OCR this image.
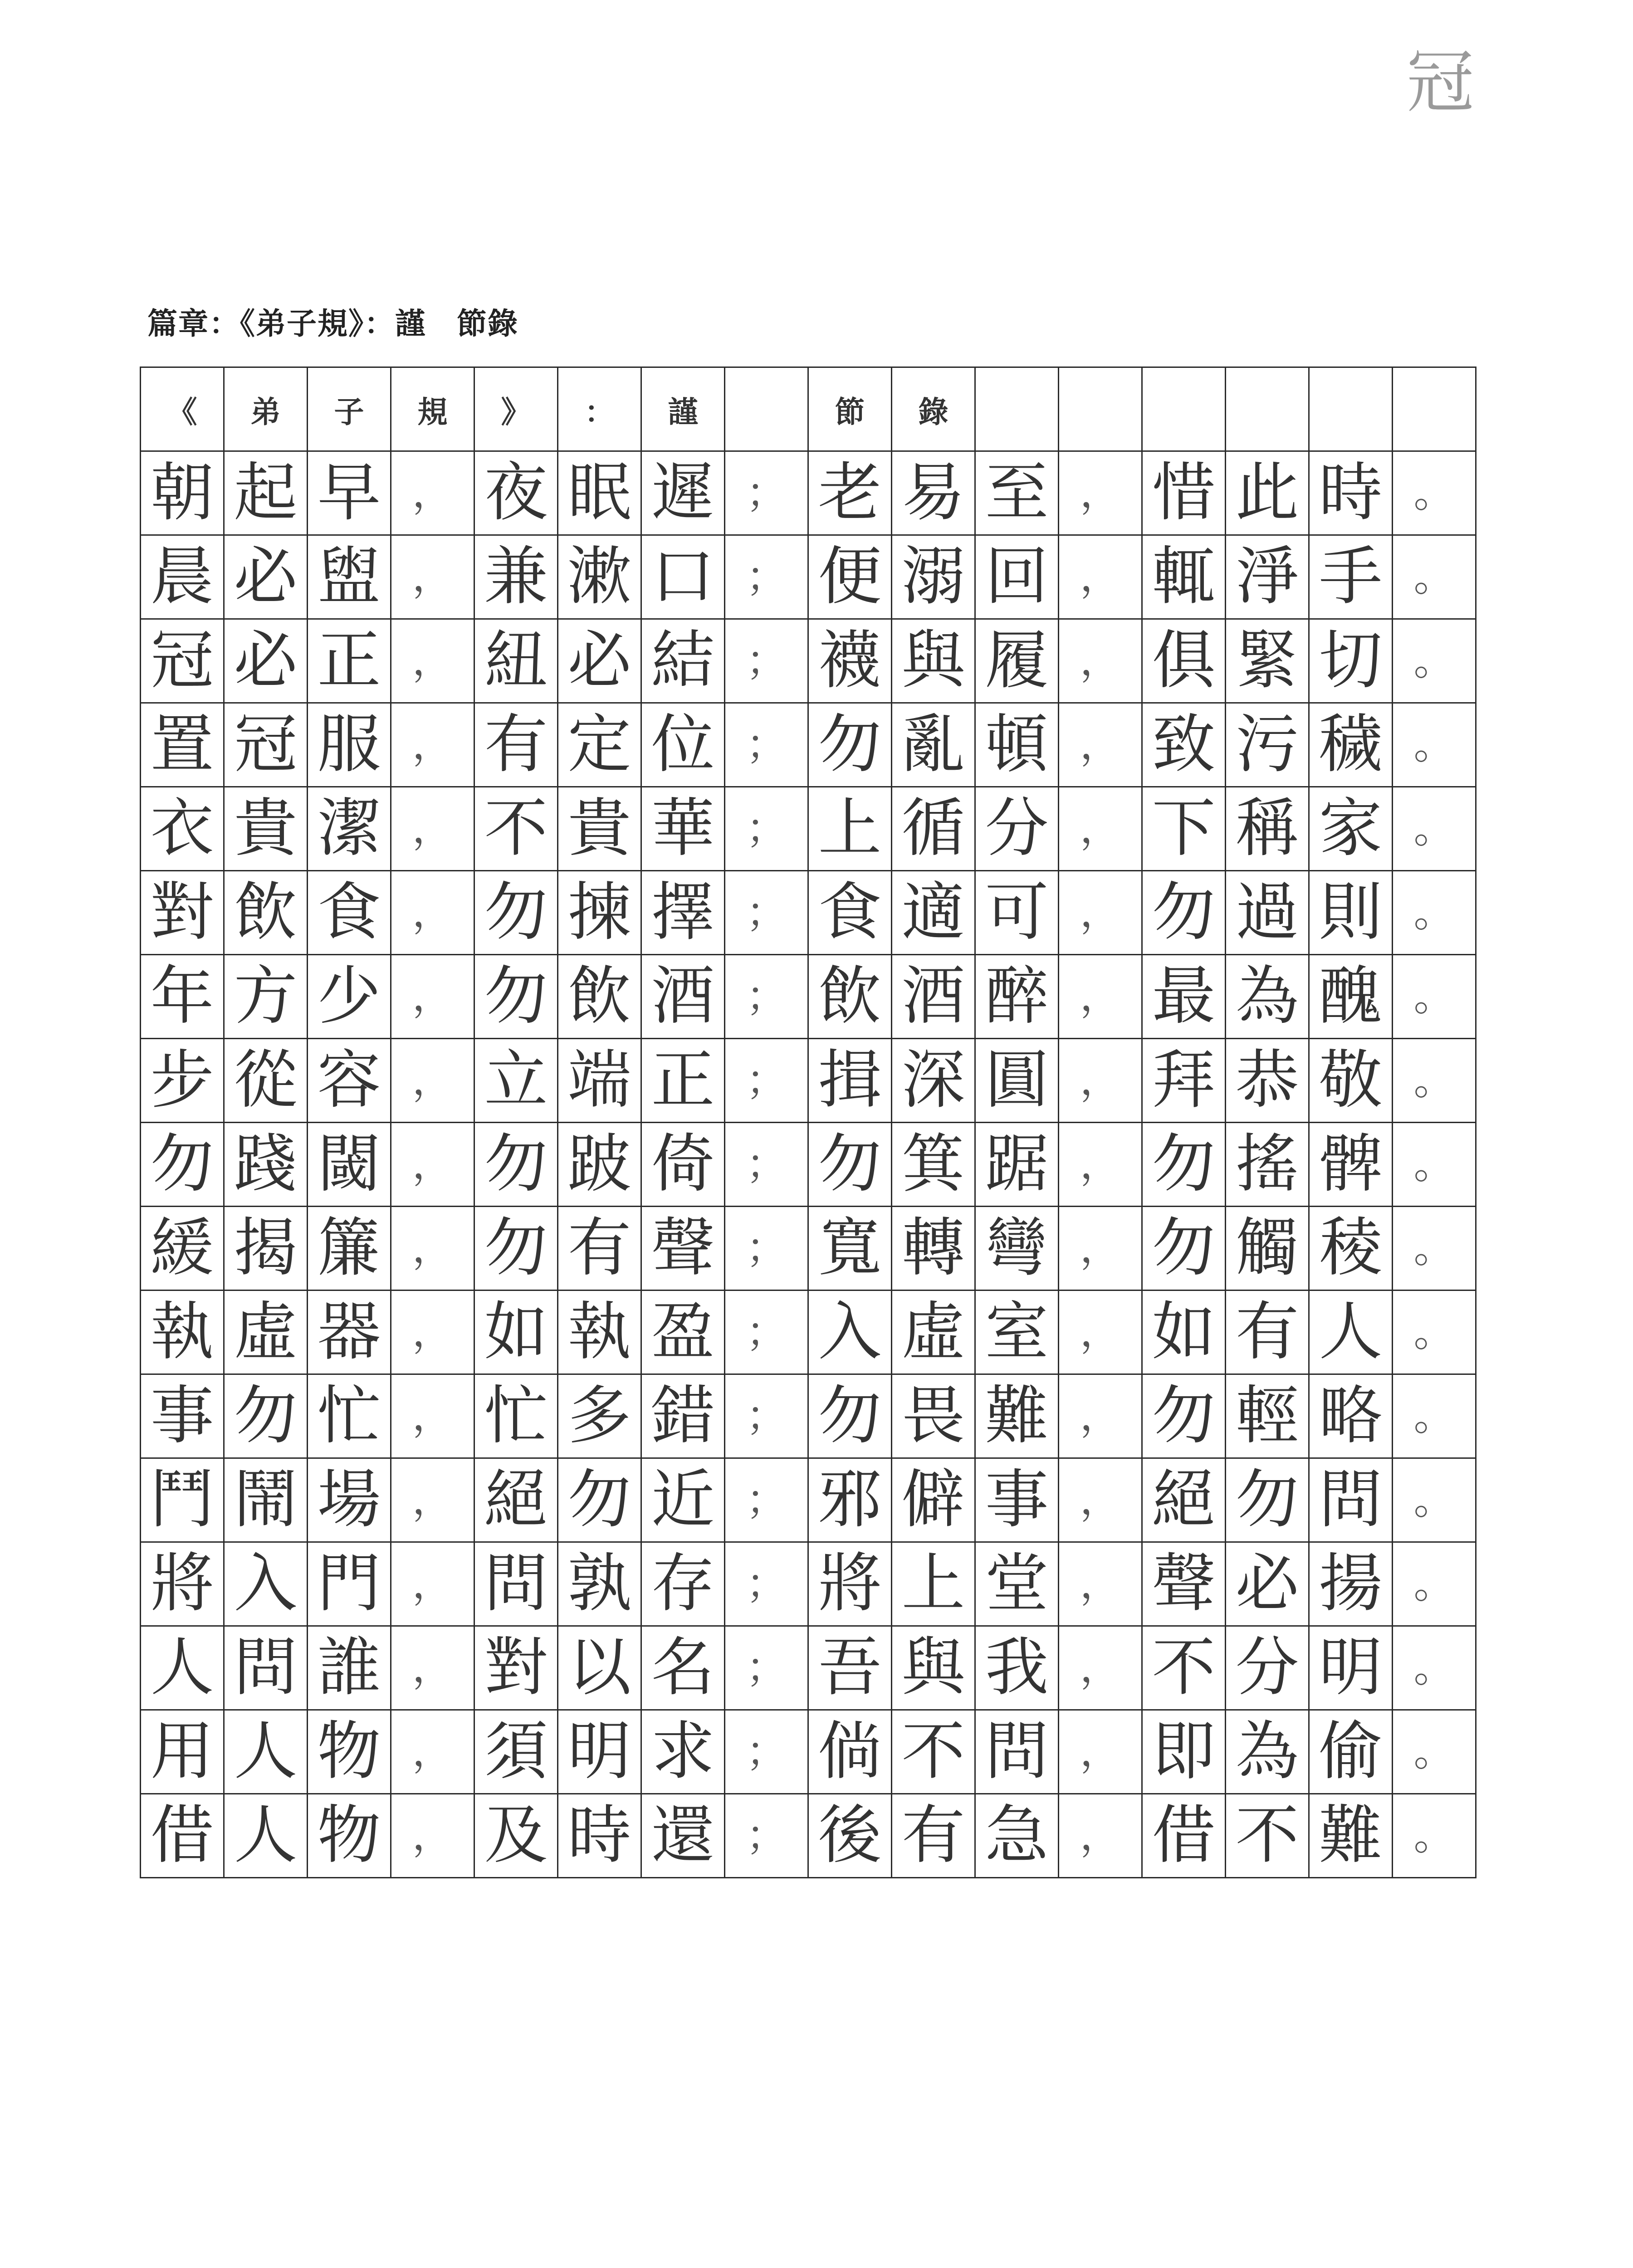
冠
篇章：《弟子規》：謹　節錄
《	弟	子	規	》	：	謹		節	錄						
朝	起	早	，	夜	眠	遲	；	老	易	至	，	惜	此	時	。
晨	必	盥	，	兼	漱	口	；	便	溺	回	，	輒	淨	手	。
冠	必	正	，	紐	必	結	；	襪	與	履	，	俱	緊	切	。
置	冠	服	，	有	定	位	；	勿	亂	頓	，	致	污	穢	。
衣	貴	潔	，	不	貴	華	；	上	循	分	，	下	稱	家	。
對	飲	食	，	勿	揀	擇	；	食	適	可	，	勿	過	則	。
年	方	少	，	勿	飲	酒	；	飲	酒	醉	，	最	為	醜	。
步	從	容	，	立	端	正	；	揖	深	圓	，	拜	恭	敬	。
勿	踐	閾	，	勿	跛	倚	；	勿	箕	踞	，	勿	搖	髀	。
緩	揭	簾	，	勿	有	聲	；	寬	轉	彎	，	勿	觸	稜	。
執	虛	器	，	如	執	盈	；	入	虛	室	，	如	有	人	。
事	勿	忙	，	忙	多	錯	；	勿	畏	難	，	勿	輕	略	。
鬥	鬧	場	，	絕	勿	近	；	邪	僻	事	，	絕	勿	問	。
將	入	門	，	問	孰	存	；	將	上	堂	，	聲	必	揚	。
人	問	誰	，	對	以	名	；	吾	與	我	，	不	分	明	。
用	人	物	，	須	明	求	；	倘	不	問	，	即	為	偷	。
借	人	物	，	及	時	還	；	後	有	急	，	借	不	難	。
